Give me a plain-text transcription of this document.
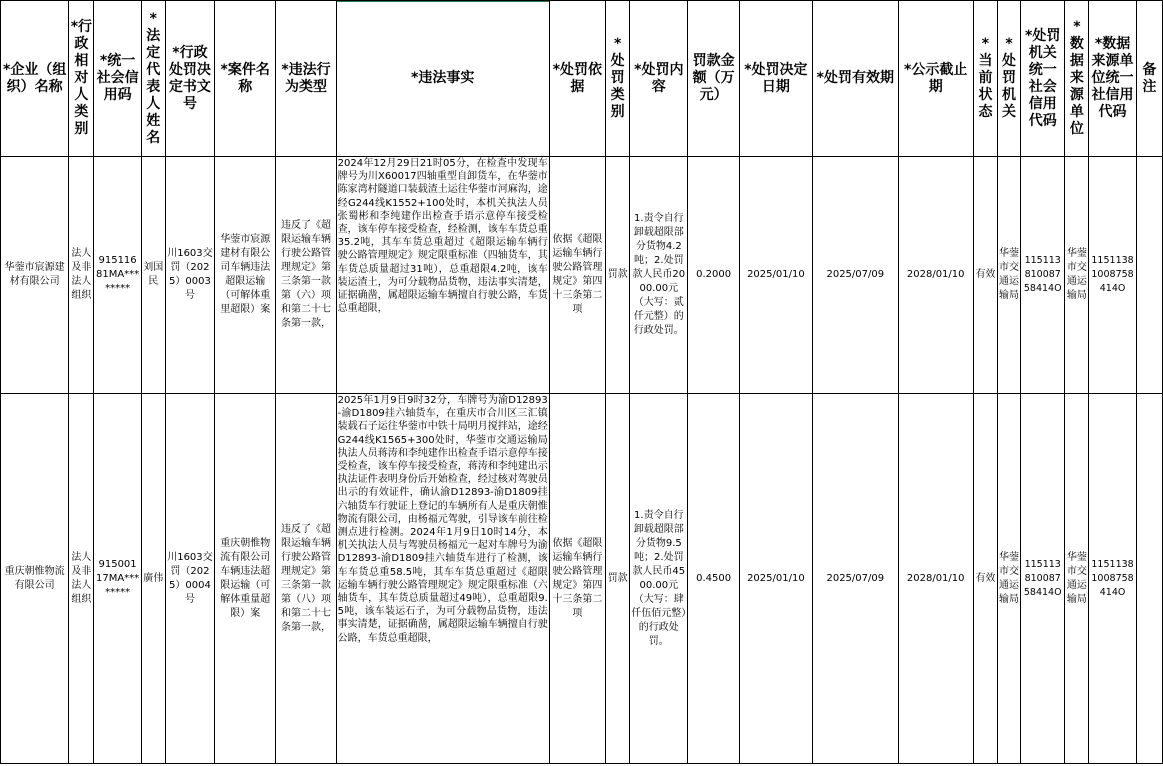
*企业（组织）名称	*行政相对人类别	*统一社会信用码	*法定代表人姓名	*行政处罚决定书文号	*案件名称	*违法行为类型	*违法事实	*处罚依据	*处罚类别	*处罚内容	罚款金额（万元）	*处罚决定日期	*处罚有效期	*公示截止期	*当前状态	*处罚机关	*处罚机关统一社会信用代码	*数据来源单位	*数据来源单位统一社信用代码	备注
华蓥市宸源建材有限公司	法人及非法人组织	91511681MA********	刘国民	川1603交罚（2025）0003号	华蓥市宸源建材有限公司车辆违法超限运输（可解体重里超限）案	违反了《超限运输车辆行驶公路管理规定》第三条第一款第（六）项和第二十七条第一款，	2024年12月29日21时05分，在检查中发现车牌号为川X60017四轴重型自卸货车，在华蓥市陈家湾村隧道口装载渣土运往华蓥市河麻沟，途经G244线K1552+100处时，本机关执法人员张蜀彬和李纯建作出检查手语示意停车接受检查，该车停车接受检查，经检测，该车车货总重35.2吨，其车车货总重超过《超限运输车辆行驶公路管理规定》规定限重标准（四轴货车，其车货总质量超过31吨），总重超限4.2吨，该车装运渣土，为可分载物品货物，违法事实清楚，证据确凿，属超限运输车辆擅自行驶公路，车货总重超限，	依据《超限运输车辆行驶公路管理规定》第四十三条第二项	罚款	1.责令自行卸载超限部分货物4.2吨；2.处罚款人民币2000.00元（大写：贰仟元整）的行政处罚。	0.2000	2025/01/10	2025/07/09	2028/01/10	有效	华蓥市交通运输局	11511381008758414O	华蓥市交通运输局	11511381008758414O	
重庆朝惟物流有限公司	法人及非法人组织	91500117MA********	廣伟	川1603交罚（2025）0004号	重庆朝惟物流有限公司车辆违法超限运输（可解体重量超限）案	违反了《超限运输车辆行驶公路管理规定》第三条第一款第（八）项和第二十七条第一款，	2025年1月9日9时32分，车牌号为渝D12893-渝D1809挂六轴货车，在重庆市合川区三汇镇装载石子运往华蓥市中铁十局明月搅拌站，途经G244线K1565+300处时，华蓥市交通运输局执法人员蒋涛和李纯建作出检查手语示意停车接受检查，该车停车接受检查，蒋涛和李纯建出示执法证件表明身份后开始检查，经过核对驾驶员出示的有效证件，确认渝D12893-渝D1809挂六轴货车行驶证上登记的车辆所有人是重庆朝惟物流有限公司，由杨福元驾驶，引导该车前往检测点进行检测。2024年1月9日10时14分，本机关执法人员与驾驶员杨福元一起对车牌号为渝D12893-渝D1809挂六轴货车进行了检测，该车车货总重58.5吨，其车车货总重超过《超限运输车辆行驶公路管理规定》规定限重标准（六轴货车，其车货总质量超过49吨），总重超限9.5吨，该车装运石子，为可分载物品货物，违法事实清楚，证据确凿，属超限运输车辆擅自行驶公路，车货总重超限，	依据《超限运输车辆行驶公路管理规定》第四十三条第二项	罚款	1.责令自行卸载超限部分货物9.5吨；2.处罚款人民币4500.00元（大写：肆仟伍佰元整）的行政处罚。	0.4500	2025/01/10	2025/07/09	2028/01/10	有效	华蓥市交通运输局	11511381008758414O	华蓥市交通运输局	11511381008758414O	
